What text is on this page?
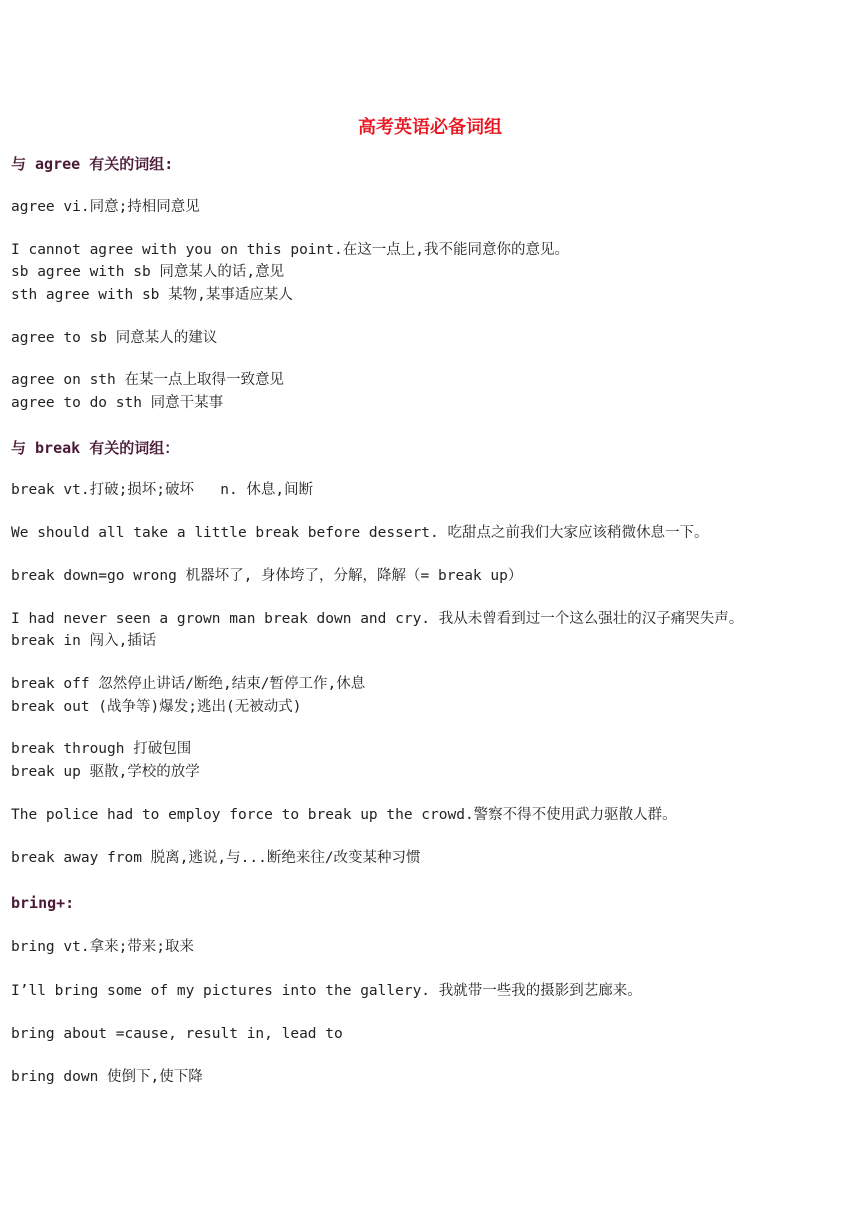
高考英语必备词组
与 agree 有关的词组:
agree vi.同意;持相同意见
I cannot agree with you on this point.在这一点上,我不能同意你的意见。
sb agree with sb 同意某人的话,意见
sth agree with sb 某物,某事适应某人
agree to sb 同意某人的建议
agree on sth 在某一点上取得一致意见
agree to do sth 同意干某事
与 break 有关的词组：
break vt.打破;损坏;破坏   n. 休息,间断
We should all take a little break before dessert. 吃甜点之前我们大家应该稍微休息一下。
break down=go wrong 机器坏了, 身体垮了，分解，降解（= break up）
I had never seen a grown man break down and cry. 我从未曾看到过一个这么强壮的汉子痛哭失声。
break in 闯入,插话
break off 忽然停止讲话/断绝,结束/暂停工作,休息
break out (战争等)爆发;逃出(无被动式)
break through 打破包围
break up 驱散,学校的放学
The police had to employ force to break up the crowd.警察不得不使用武力驱散人群。
break away from 脱离,逃说,与...断绝来往/改变某种习惯
bring+:
bring vt.拿来;带来;取来
I’ll bring some of my pictures into the gallery. 我就带一些我的摄影到艺廊来。
bring about =cause, result in, lead to
bring down 使倒下,使下降
